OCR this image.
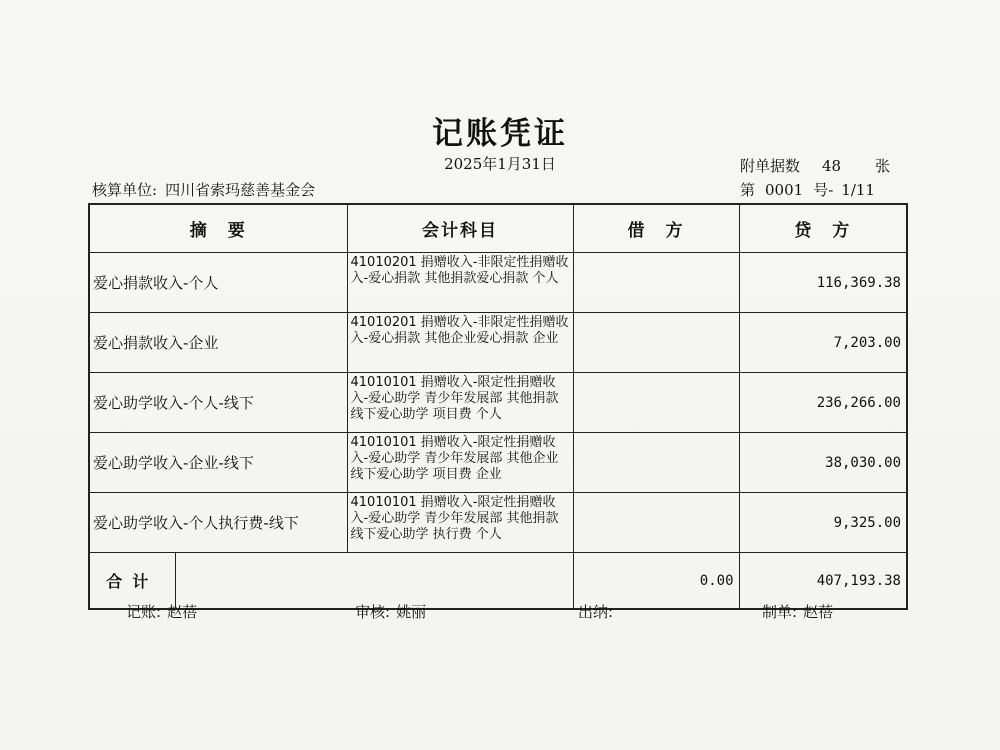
记账凭证
2025年1月31日	附单据数 48 张
核算单位: 四川省索玛慈善基金会	第 0001 号- 1/11
摘　要		会计科目	借　方	贷　方
爱心捐款收入-个人		41010201 捐赠收入-非限定性捐赠收入-爱心捐款 其他捐款爱心捐款 个人		116,369.38
爱心捐款收入-企业		41010201 捐赠收入-非限定性捐赠收入-爱心捐款 其他企业爱心捐款 企业		7,203.00
爱心助学收入-个人-线下		41010101 捐赠收入-限定性捐赠收入-爱心助学 青少年发展部 其他捐款 线下爱心助学 项目费 个人		236,266.00
爱心助学收入-企业-线下		41010101 捐赠收入-限定性捐赠收入-爱心助学 青少年发展部 其他企业 线下爱心助学 项目费 企业		38,030.00
爱心助学收入-个人执行费-线下		41010101 捐赠收入-限定性捐赠收入-爱心助学 青少年发展部 其他捐款 线下爱心助学 执行费 个人		9,325.00
合计			0.00	407,193.38
记账: 赵蓓	审核: 姚丽	出纳:	制单: 赵蓓
